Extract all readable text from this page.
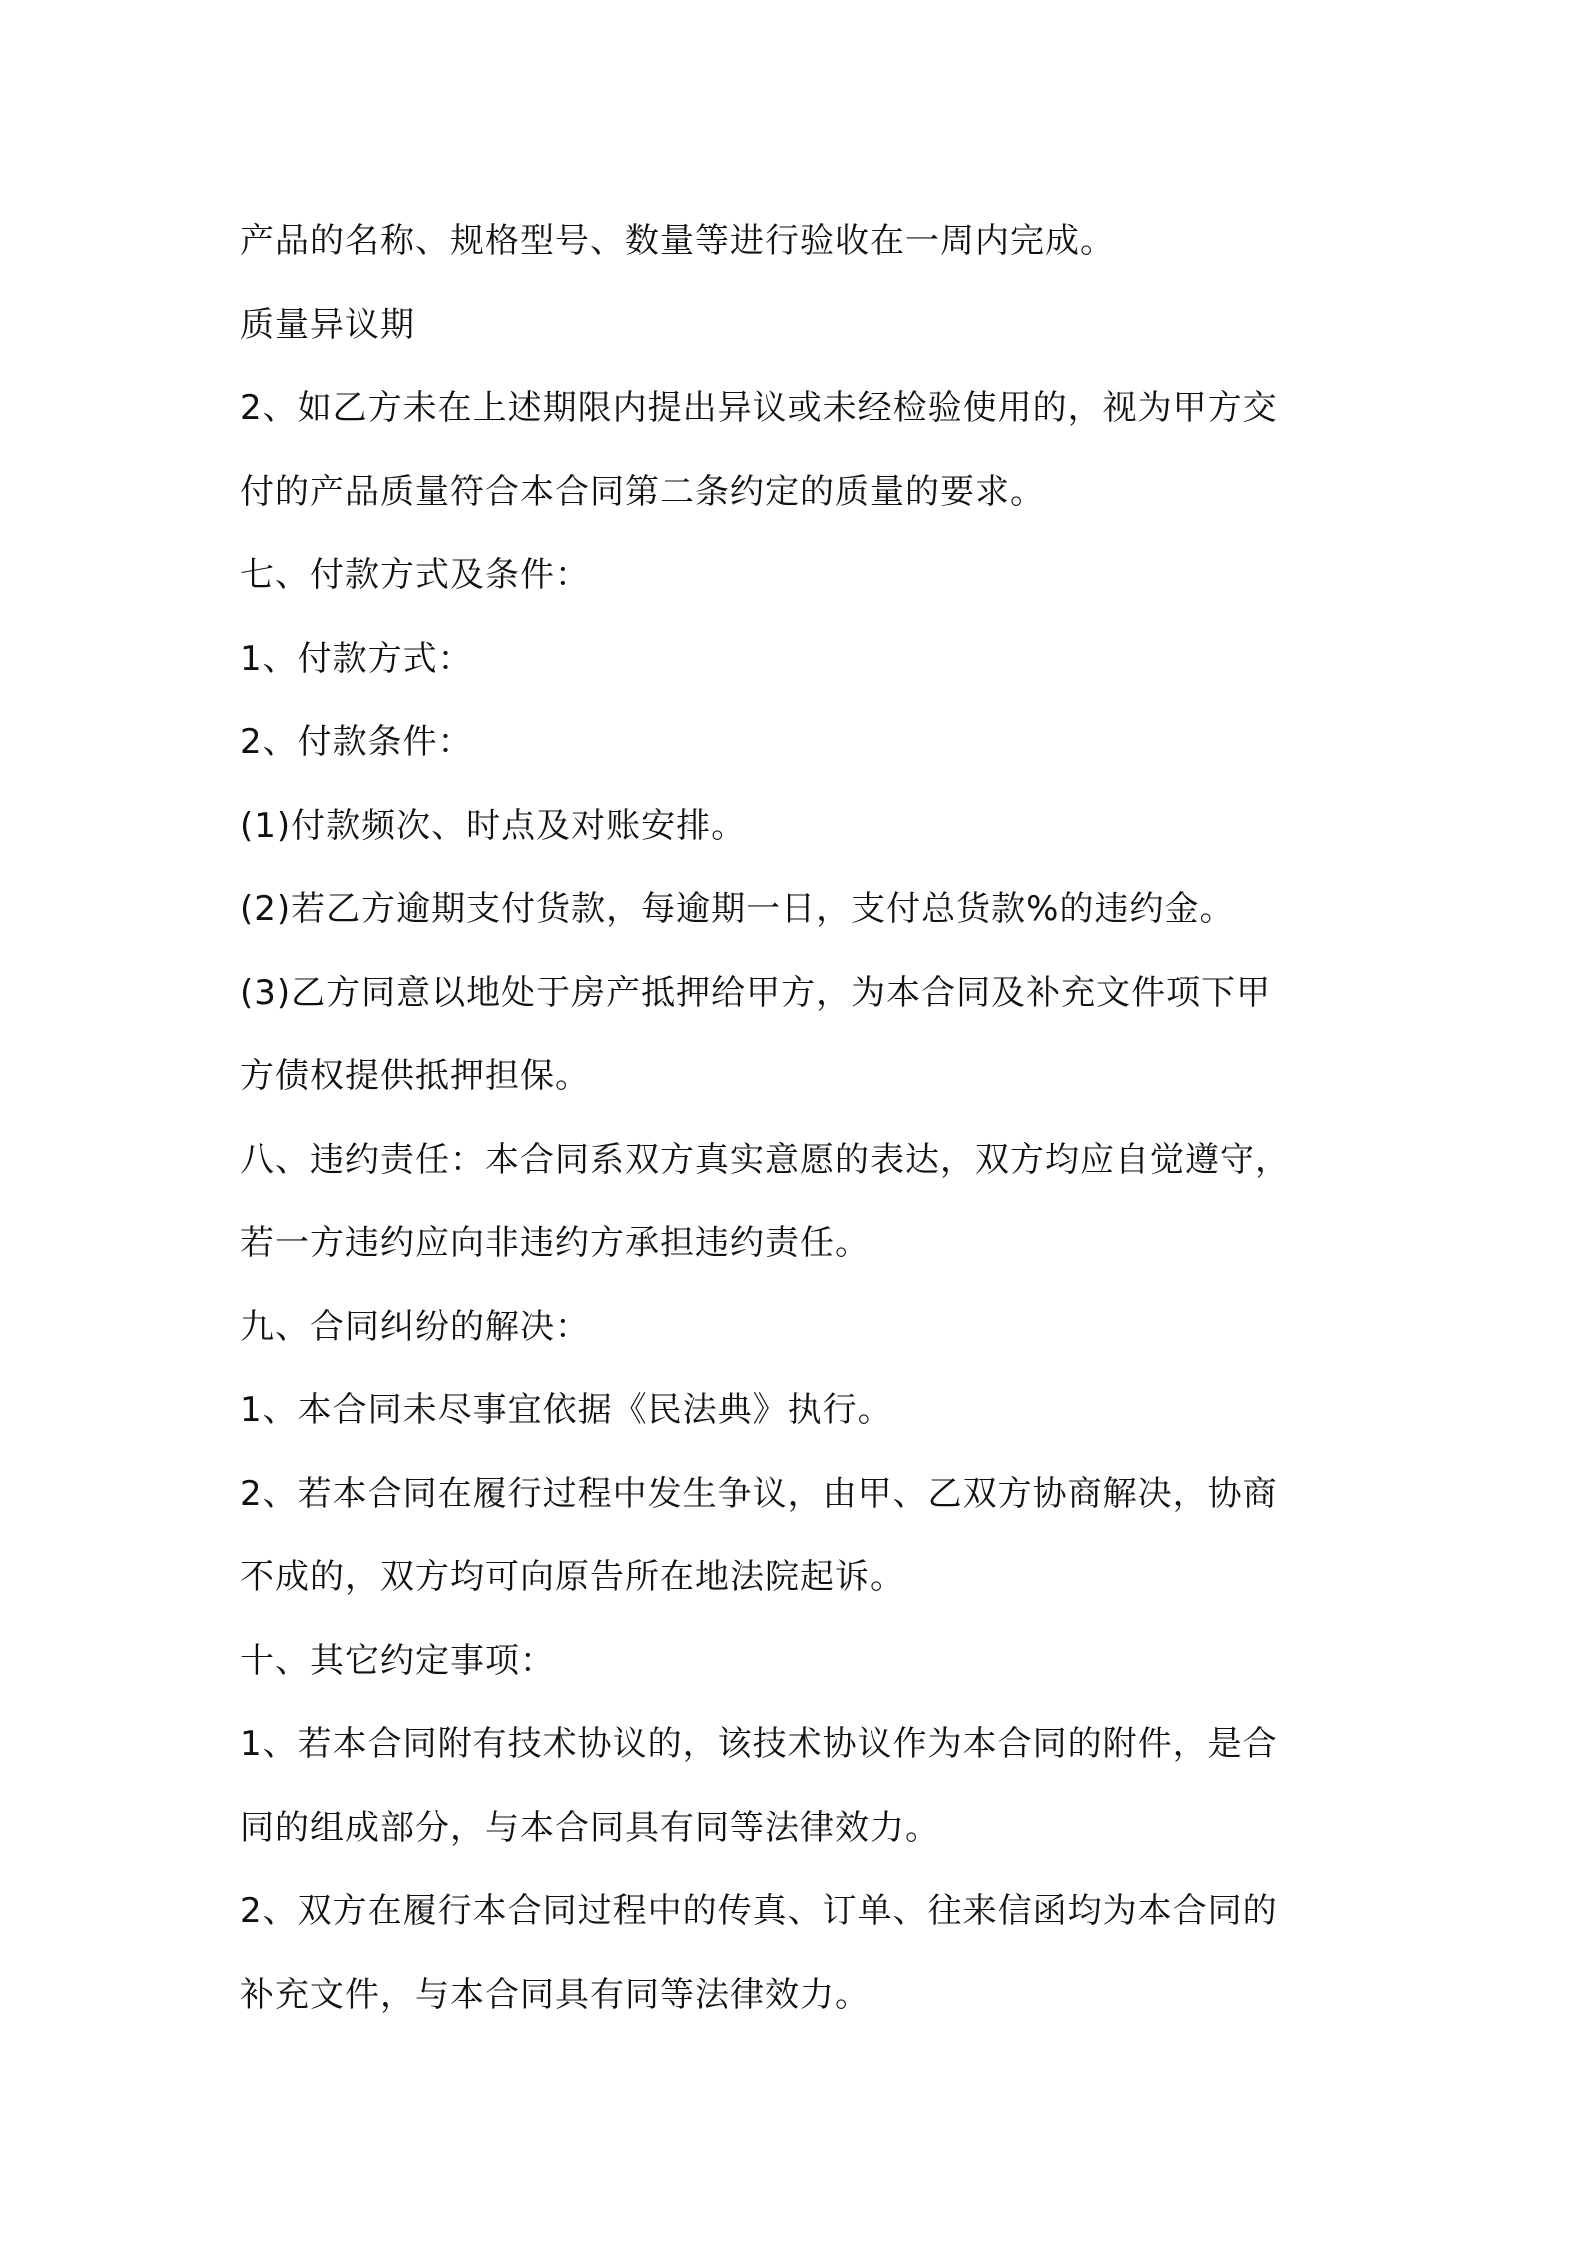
产品的名称、规格型号、数量等进行验收在一周内完成。
质量异议期
2、如乙方未在上述期限内提出异议或未经检验使用的，视为甲方交
付的产品质量符合本合同第二条约定的质量的要求。
七、付款方式及条件：
1、付款方式：
2、付款条件：
(1)付款频次、时点及对账安排。
(2)若乙方逾期支付货款，每逾期一日，支付总货款%的违约金。
(3)乙方同意以地处于房产抵押给甲方，为本合同及补充文件项下甲
方债权提供抵押担保。
八、违约责任：本合同系双方真实意愿的表达，双方均应自觉遵守，
若一方违约应向非违约方承担违约责任。
九、合同纠纷的解决：
1、本合同未尽事宜依据《民法典》执行。
2、若本合同在履行过程中发生争议，由甲、乙双方协商解决，协商
不成的，双方均可向原告所在地法院起诉。
十、其它约定事项：
1、若本合同附有技术协议的，该技术协议作为本合同的附件，是合
同的组成部分，与本合同具有同等法律效力。
2、双方在履行本合同过程中的传真、订单、往来信函均为本合同的
补充文件，与本合同具有同等法律效力。
